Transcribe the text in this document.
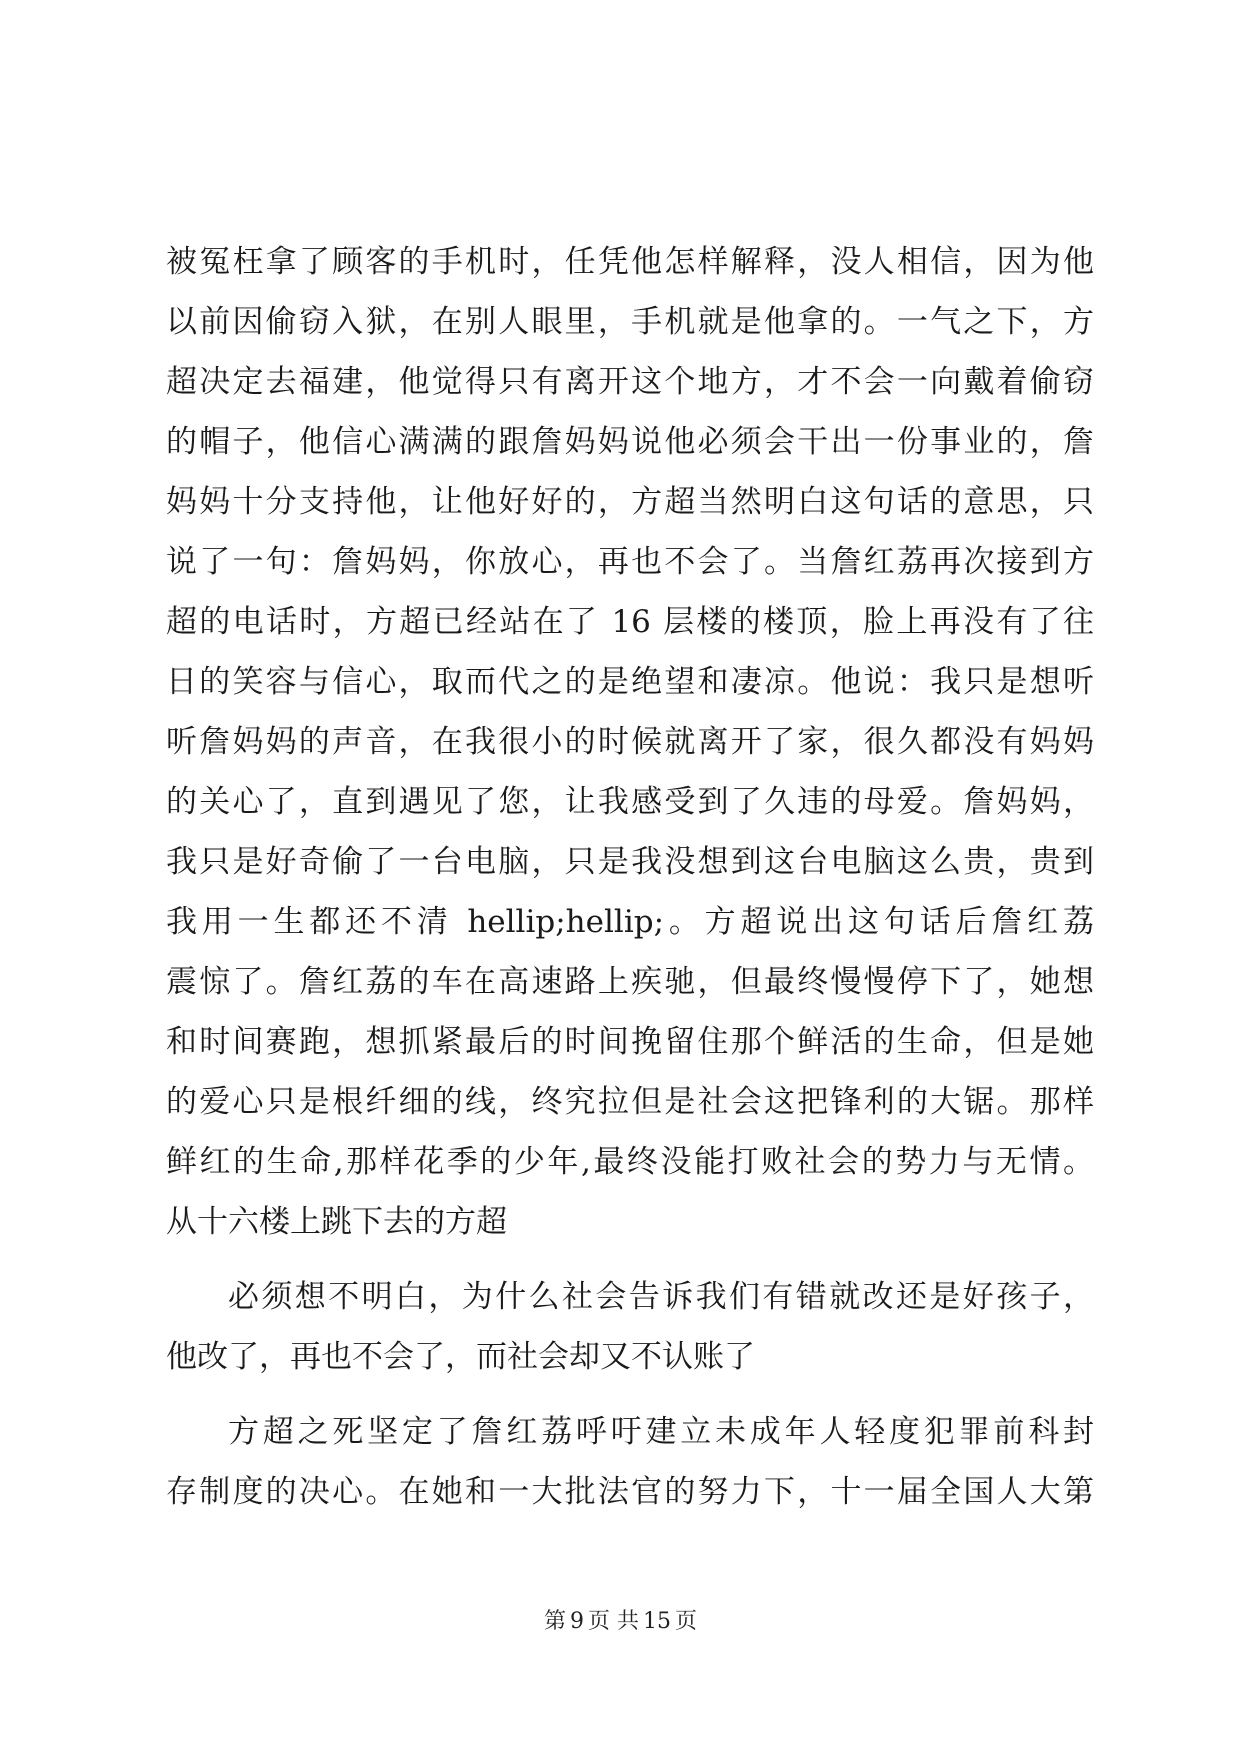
被冤枉拿了顾客的手机时，任凭他怎样解释，没人相信，因为他
以前因偷窃入狱，在别人眼里，手机就是他拿的。一气之下，方
超决定去福建，他觉得只有离开这个地方，才不会一向戴着偷窃
的帽子，他信心满满的跟詹妈妈说他必须会干出一份事业的，詹
妈妈十分支持他，让他好好的，方超当然明白这句话的意思，只
说了一句：詹妈妈，你放心，再也不会了。当詹红荔再次接到方
超的电话时，方超已经站在了 16 层楼的楼顶，脸上再没有了往
日的笑容与信心，取而代之的是绝望和凄凉。他说：我只是想听
听詹妈妈的声音，在我很小的时候就离开了家，很久都没有妈妈
的关心了，直到遇见了您，让我感受到了久违的母爱。詹妈妈，
我只是好奇偷了一台电脑，只是我没想到这台电脑这么贵，贵到
我用一生都还不清 hellip;hellip;。方超说出这句话后詹红荔
震惊了。詹红荔的车在高速路上疾驰，但最终慢慢停下了，她想
和时间赛跑，想抓紧最后的时间挽留住那个鲜活的生命，但是她
的爱心只是根纤细的线，终究拉但是社会这把锋利的大锯。那样
鲜红的生命,那样花季的少年,最终没能打败社会的势力与无情。
从十六楼上跳下去的方超
必须想不明白，为什么社会告诉我们有错就改还是好孩子，
他改了，再也不会了，而社会却又不认账了
方超之死坚定了詹红荔呼吁建立未成年人轻度犯罪前科封
存制度的决心。在她和一大批法官的努力下，十一届全国人大第
第 9 页 共 15 页
